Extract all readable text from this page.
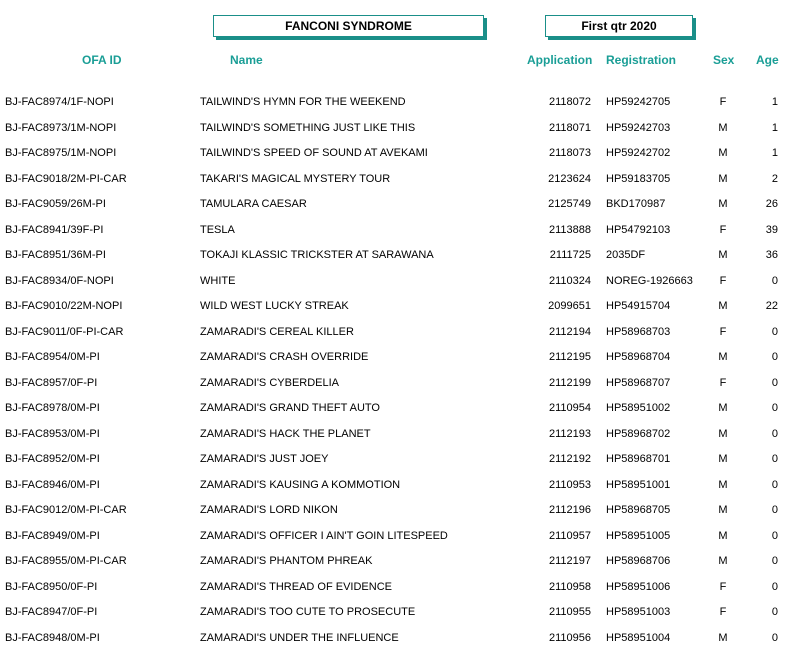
FANCONI SYNDROME	First qtr 2020
OFA ID	Name	Application Registration	Sex Age
BJ-FAC8974/1F-NOPI	TAILWIND'S HYMN FOR THE WEEKEND	2118072 HP59242705	F	1
BJ-FAC8973/1M-NOPI	TAILWIND'S SOMETHING JUST LIKE THIS	2118071 HP59242703	M	1
BJ-FAC8975/1M-NOPI	TAILWIND'S SPEED OF SOUND AT AVEKAMI	2118073 HP59242702	M	1
BJ-FAC9018/2M-PI-CAR	TAKARI'S MAGICAL MYSTERY TOUR	2123624 HP59183705	M	2
BJ-FAC9059/26M-PI	TAMULARA CAESAR	2125749 BKD170987	M	26
BJ-FAC8941/39F-PI	TESLA	2113888 HP54792103	F	39
BJ-FAC8951/36M-PI	TOKAJI KLASSIC TRICKSTER AT SARAWANA	2111725 2035DF	M	36
BJ-FAC8934/0F-NOPI	WHITE	2110324 NOREG-1926663	F	0
BJ-FAC9010/22M-NOPI	WILD WEST LUCKY STREAK	2099651 HP54915704	M	22
BJ-FAC9011/0F-PI-CAR	ZAMARADI'S CEREAL KILLER	2112194 HP58968703	F	0
BJ-FAC8954/0M-PI	ZAMARADI'S CRASH OVERRIDE	2112195 HP58968704	M	0
BJ-FAC8957/0F-PI	ZAMARADI'S CYBERDELIA	2112199 HP58968707	F	0
BJ-FAC8978/0M-PI	ZAMARADI'S GRAND THEFT AUTO	2110954 HP58951002	M	0
BJ-FAC8953/0M-PI	ZAMARADI'S HACK THE PLANET	2112193 HP58968702	M	0
BJ-FAC8952/0M-PI	ZAMARADI'S JUST JOEY	2112192 HP58968701	M	0
BJ-FAC8946/0M-PI	ZAMARADI'S KAUSING A KOMMOTION	2110953 HP58951001	M	0
BJ-FAC9012/0M-PI-CAR	ZAMARADI'S LORD NIKON	2112196 HP58968705	M	0
BJ-FAC8949/0M-PI	ZAMARADI'S OFFICER I AIN'T GOIN LITESPEED	2110957 HP58951005	M	0
BJ-FAC8955/0M-PI-CAR	ZAMARADI'S PHANTOM PHREAK	2112197 HP58968706	M	0
BJ-FAC8950/0F-PI	ZAMARADI'S THREAD OF EVIDENCE	2110958 HP58951006	F	0
BJ-FAC8947/0F-PI	ZAMARADI'S TOO CUTE TO PROSECUTE	2110955 HP58951003	F	0
BJ-FAC8948/0M-PI	ZAMARADI'S UNDER THE INFLUENCE	2110956 HP58951004	M	0
